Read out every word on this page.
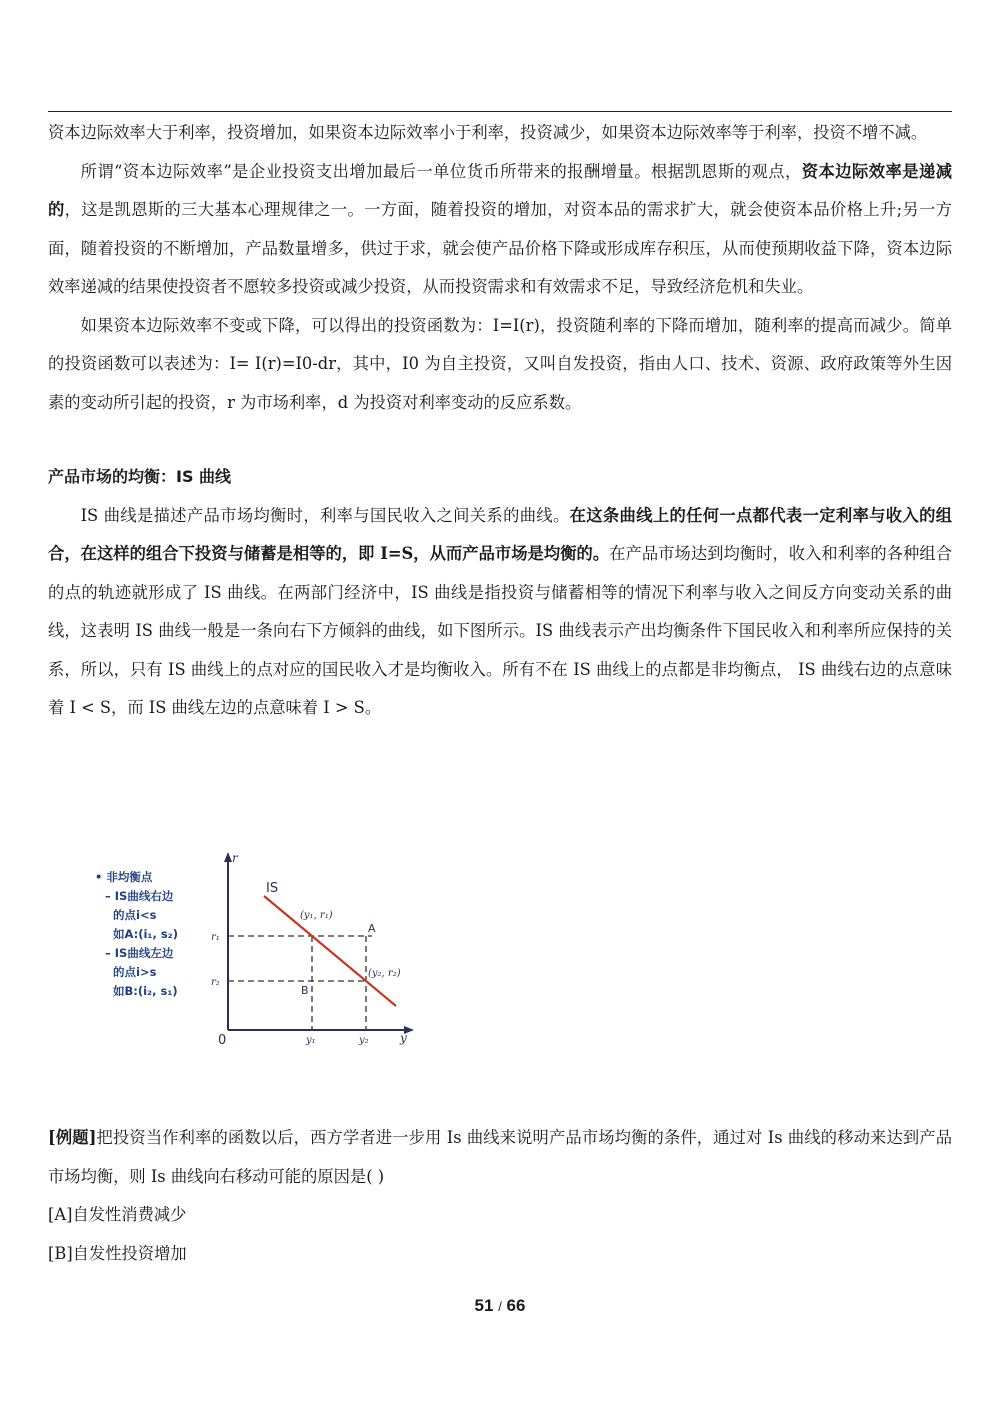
资本边际效率大于利率，投资增加，如果资本边际效率小于利率，投资减少，如果资本边际效率等于利率，投资不增不减。

所谓“资本边际效率”是企业投资支出增加最后一单位货币所带来的报酬增量。根据凯恩斯的观点，资本边际效率是递减的，这是凯恩斯的三大基本心理规律之一。一方面，随着投资的增加，对资本品的需求扩大，就会使资本品价格上升;另一方面，随着投资的不断增加，产品数量增多，供过于求，就会使产品价格下降或形成库存积压，从而使预期收益下降，资本边际效率递减的结果使投资者不愿较多投资或减少投资，从而投资需求和有效需求不足，导致经济危机和失业。

如果资本边际效率不变或下降，可以得出的投资函数为：I=I(r)，投资随利率的下降而增加，随利率的提高而减少。简单的投资函数可以表述为：I= I(r)=I0-dr，其中，I0 为自主投资，又叫自发投资，指由人口、技术、资源、政府政策等外生因素的变动所引起的投资，r 为市场利率，d 为投资对利率变动的反应系数。

产品市场的均衡：IS 曲线

IS 曲线是描述产品市场均衡时，利率与国民收入之间关系的曲线。在这条曲线上的任何一点都代表一定利率与收入的组合，在这样的组合下投资与储蓄是相等的，即 I=S，从而产品市场是均衡的。在产品市场达到均衡时，收入和利率的各种组合的点的轨迹就形成了 IS 曲线。在两部门经济中，IS 曲线是指投资与储蓄相等的情况下利率与收入之间反方向变动关系的曲线，这表明 IS 曲线一般是一条向右下方倾斜的曲线，如下图所示。IS 曲线表示产出均衡条件下国民收入和利率所应保持的关系，所以，只有 IS 曲线上的点对应的国民收入才是均衡收入。所有不在 IS 曲线上的点都是非均衡点， IS 曲线右边的点意味着 I < S，而 IS 曲线左边的点意味着 I > S。

r
y
0
IS
r₁
r₂
y₁	y₂
(y₁, r₁)
(y₂, r₂)
A
B
• 非均衡点
– IS曲线右边
的点i<s
如A:(i₁, s₂)
– IS曲线左边
的点i>s
如B:(i₂, s₁)

[例题]把投资当作利率的函数以后，西方学者进一步用 Is 曲线来说明产品市场均衡的条件，通过对 Is 曲线的移动来达到产品市场均衡，则 Is 曲线向右移动可能的原因是( )

[A]自发性消费减少

[B]自发性投资增加

51 / 66
